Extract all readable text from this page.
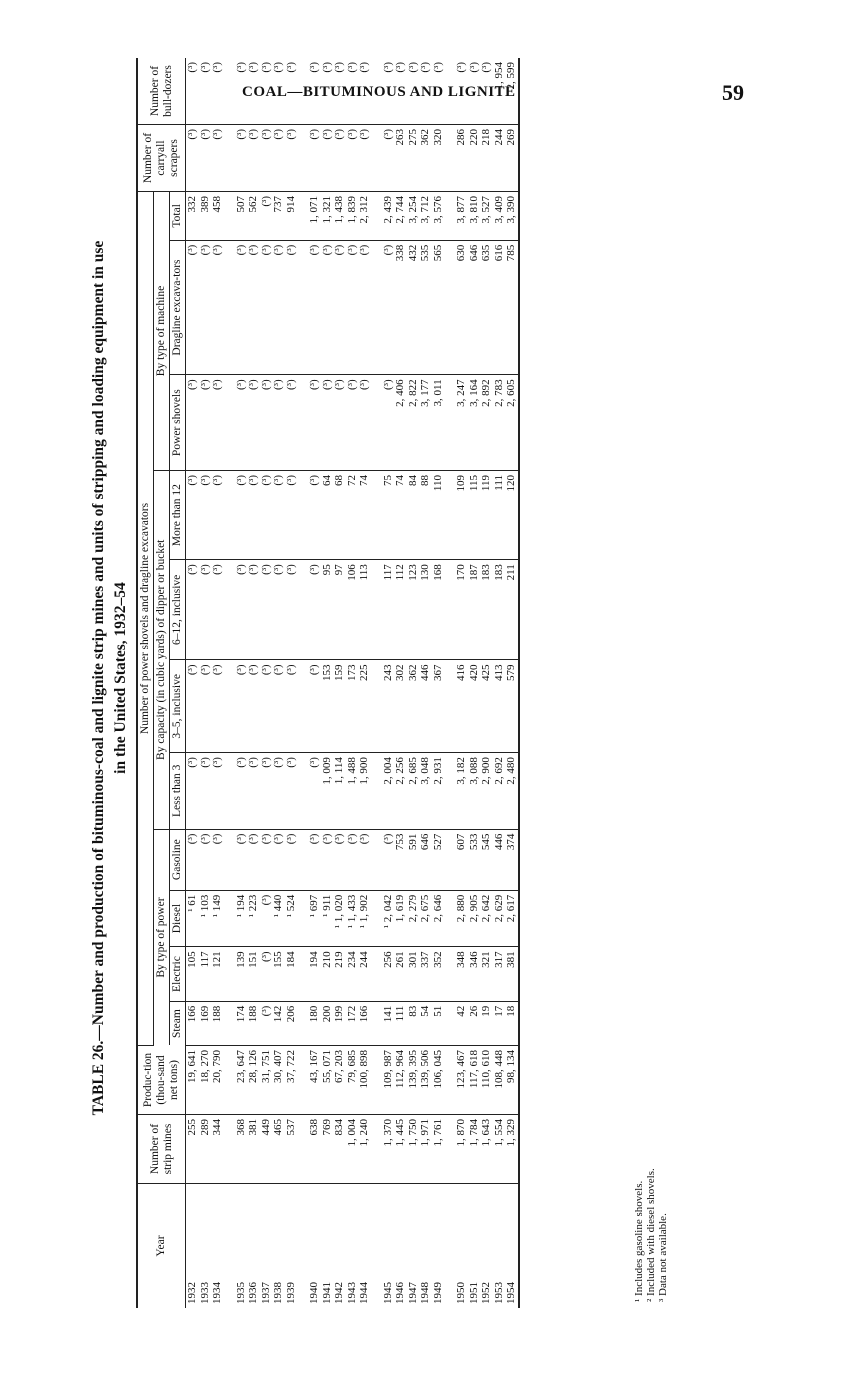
COAL—BITUMINOUS AND LIGNITE	59
TABLE 26.—Number and production of bituminous-coal and lignite strip mines and units of stripping and loading equipment in use in the United States, 1932–54
Year	Number of strip mines	Produc-tion (thou-sand net tons)	Number of power shovels and dragline excavators											Number of carryall scrapers	Number of bull-dozers
			By type of power				By capacity (in cubic yards) of dipper or bucket				By type of machine				
			Steam	Electric	Diesel	Gasoline	Less than 3	3–5, inclusive	6–12, inclusive	More than 12	Power shovels	Dragline excava-tors	Total		

1932	255	19, 641	166	105	¹ 61	(³)	(³)	(³)	(³)	(³)	(³)	(³)	332	(³)	(³)
1933	289	18, 270	169	117	¹ 103	(³)	(³)	(³)	(³)	(³)	(³)	(³)	389	(³)	(³)
1934	344	20, 790	188	121	¹ 149	(³)	(³)	(³)	(³)	(³)	(³)	(³)	458	(³)	(³)

1935	368	23, 647	174	139	¹ 194	(³)	(³)	(³)	(³)	(³)	(³)	(³)	507	(³)	(³)
1936	381	28, 126	188	151	¹ 223	(³)	(³)	(³)	(³)	(³)	(³)	(³)	562	(³)	(³)
1937	449	31, 751	(³)	(³)	(³)	(³)	(³)	(³)	(³)	(³)	(³)	(³)	(³)	(³)	(³)
1938	465	30, 407	142	155	¹ 440	(³)	(³)	(³)	(³)	(³)	(³)	(³)	737	(³)	(³)
1939	537	37, 722	206	184	¹ 524	(³)	(³)	(³)	(³)	(³)	(³)	(³)	914	(³)	(³)

1940	638	43, 167	180	194	¹ 697	(³)	(³)	(³)	(³)	(³)	(³)	(³)	1, 071	(³)	(³)
1941	769	55, 071	200	210	¹ 911	(³)	1, 009	153	95	64	(³)	(³)	1, 321	(³)	(³)
1942	834	67, 203	199	219	¹ 1, 020	(³)	1, 114	159	97	68	(³)	(³)	1, 438	(³)	(³)
1943	1, 004	79, 685	172	234	¹ 1, 433	(³)	1, 488	173	106	72	(³)	(³)	1, 839	(³)	(³)
1944	1, 240	100, 898	166	244	¹ 1, 902	(³)	1, 900	225	113	74	(³)	(³)	2, 312	(³)	(³)

1945	1, 370	109, 987	141	256	¹ 2, 042	(³)	2, 004	243	117	75	(³)	(³)	2, 439	(³)	(³)
1946	1, 445	112, 964	111	261	1, 619	753	2, 256	302	112	74	2, 406	338	2, 744	263	(³)
1947	1, 750	139, 395	83	301	2, 279	591	2, 685	362	123	84	2, 822	432	3, 254	275	(³)
1948	1, 971	139, 506	54	337	2, 675	646	3, 048	446	130	88	3, 177	535	3, 712	362	(³)
1949	1, 761	106, 045	51	352	2, 646	527	2, 931	367	168	110	3, 011	565	3, 576	320	(³)

1950	1, 870	123, 467	42	348	2, 880	607	3, 182	416	170	109	3, 247	630	3, 877	286	(³)
1951	1, 784	117, 618	26	346	2, 905	533	3, 088	420	187	115	3, 164	646	3, 810	220	(³)
1952	1, 643	110, 610	19	321	2, 642	545	2, 900	425	183	119	2, 892	635	3, 527	218	(³)
1953	1, 554	108, 448	17	317	2, 629	446	2, 692	413	183	111	2, 783	616	3, 409	244	1, 954
1954	1, 329	98, 134	18	381	2, 617	374	2, 480	579	211	120	2, 605	785	3, 390	269	2, 599
¹ Includes gasoline shovels. ² Included with diesel shovels. ³ Data not available.
